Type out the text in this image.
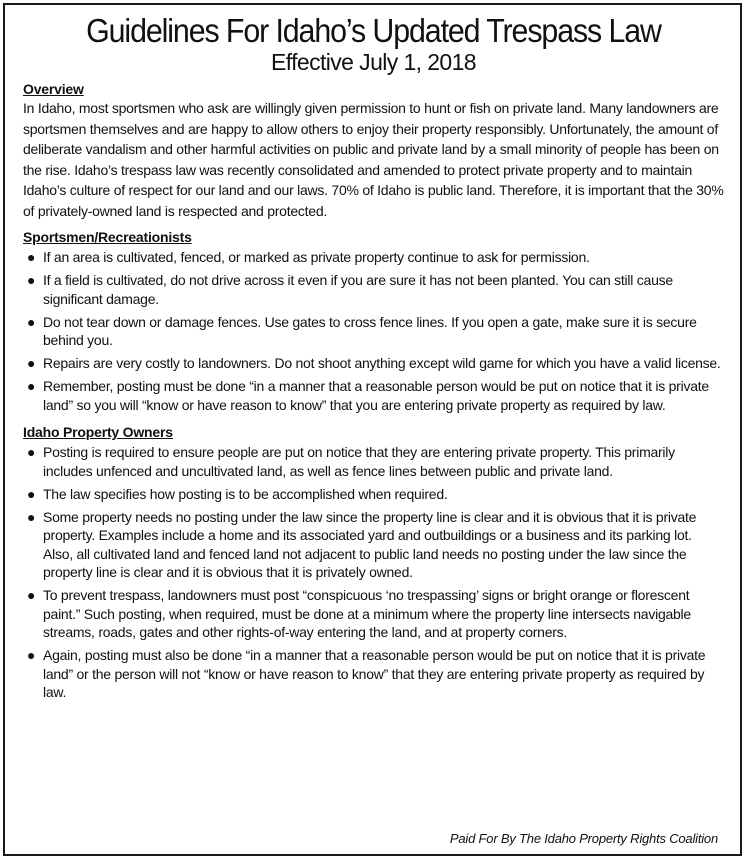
Guidelines For Idaho’s Updated Trespass Law
Effective July 1, 2018
Overview

In Idaho, most sportsmen who ask are willingly given permission to hunt or fish on private land. Many landowners are sportsmen themselves and are happy to allow others to enjoy their property responsibly. Unfortunately, the amount of deliberate vandalism and other harmful activities on public and private land by a small minority of people has been on the rise. Idaho’s trespass law was recently consolidated and amended to protect private property and to maintain Idaho’s culture of respect for our land and our laws. 70% of Idaho is public land. Therefore, it is important that the 30% of privately-owned land is respected and protected.

Sportsmen/Recreationists
● If an area is cultivated, fenced, or marked as private property continue to ask for permission.
● If a field is cultivated, do not drive across it even if you are sure it has not been planted. You can still cause significant damage.
● Do not tear down or damage fences. Use gates to cross fence lines. If you open a gate, make sure it is secure behind you.
● Repairs are very costly to landowners. Do not shoot anything except wild game for which you have a valid license.
● Remember, posting must be done “in a manner that a reasonable person would be put on notice that it is private land” so you will “know or have reason to know” that you are entering private property as required by law.
Idaho Property Owners
● Posting is required to ensure people are put on notice that they are entering private property. This primarily includes unfenced and uncultivated land, as well as fence lines between public and private land.
● The law specifies how posting is to be accomplished when required.
● Some property needs no posting under the law since the property line is clear and it is obvious that it is private property. Examples include a home and its associated yard and outbuildings or a business and its parking lot. Also, all cultivated land and fenced land not adjacent to public land needs no posting under the law since the property line is clear and it is obvious that it is privately owned.
● To prevent trespass, landowners must post “conspicuous ‘no trespassing’ signs or bright orange or florescent paint.” Such posting, when required, must be done at a minimum where the property line intersects navigable streams, roads, gates and other rights-of-way entering the land, and at property corners.
● Again, posting must also be done “in a manner that a reasonable person would be put on notice that it is private land” or the person will not “know or have reason to know” that they are entering private property as required by law.
Paid For By The Idaho Property Rights Coalition
